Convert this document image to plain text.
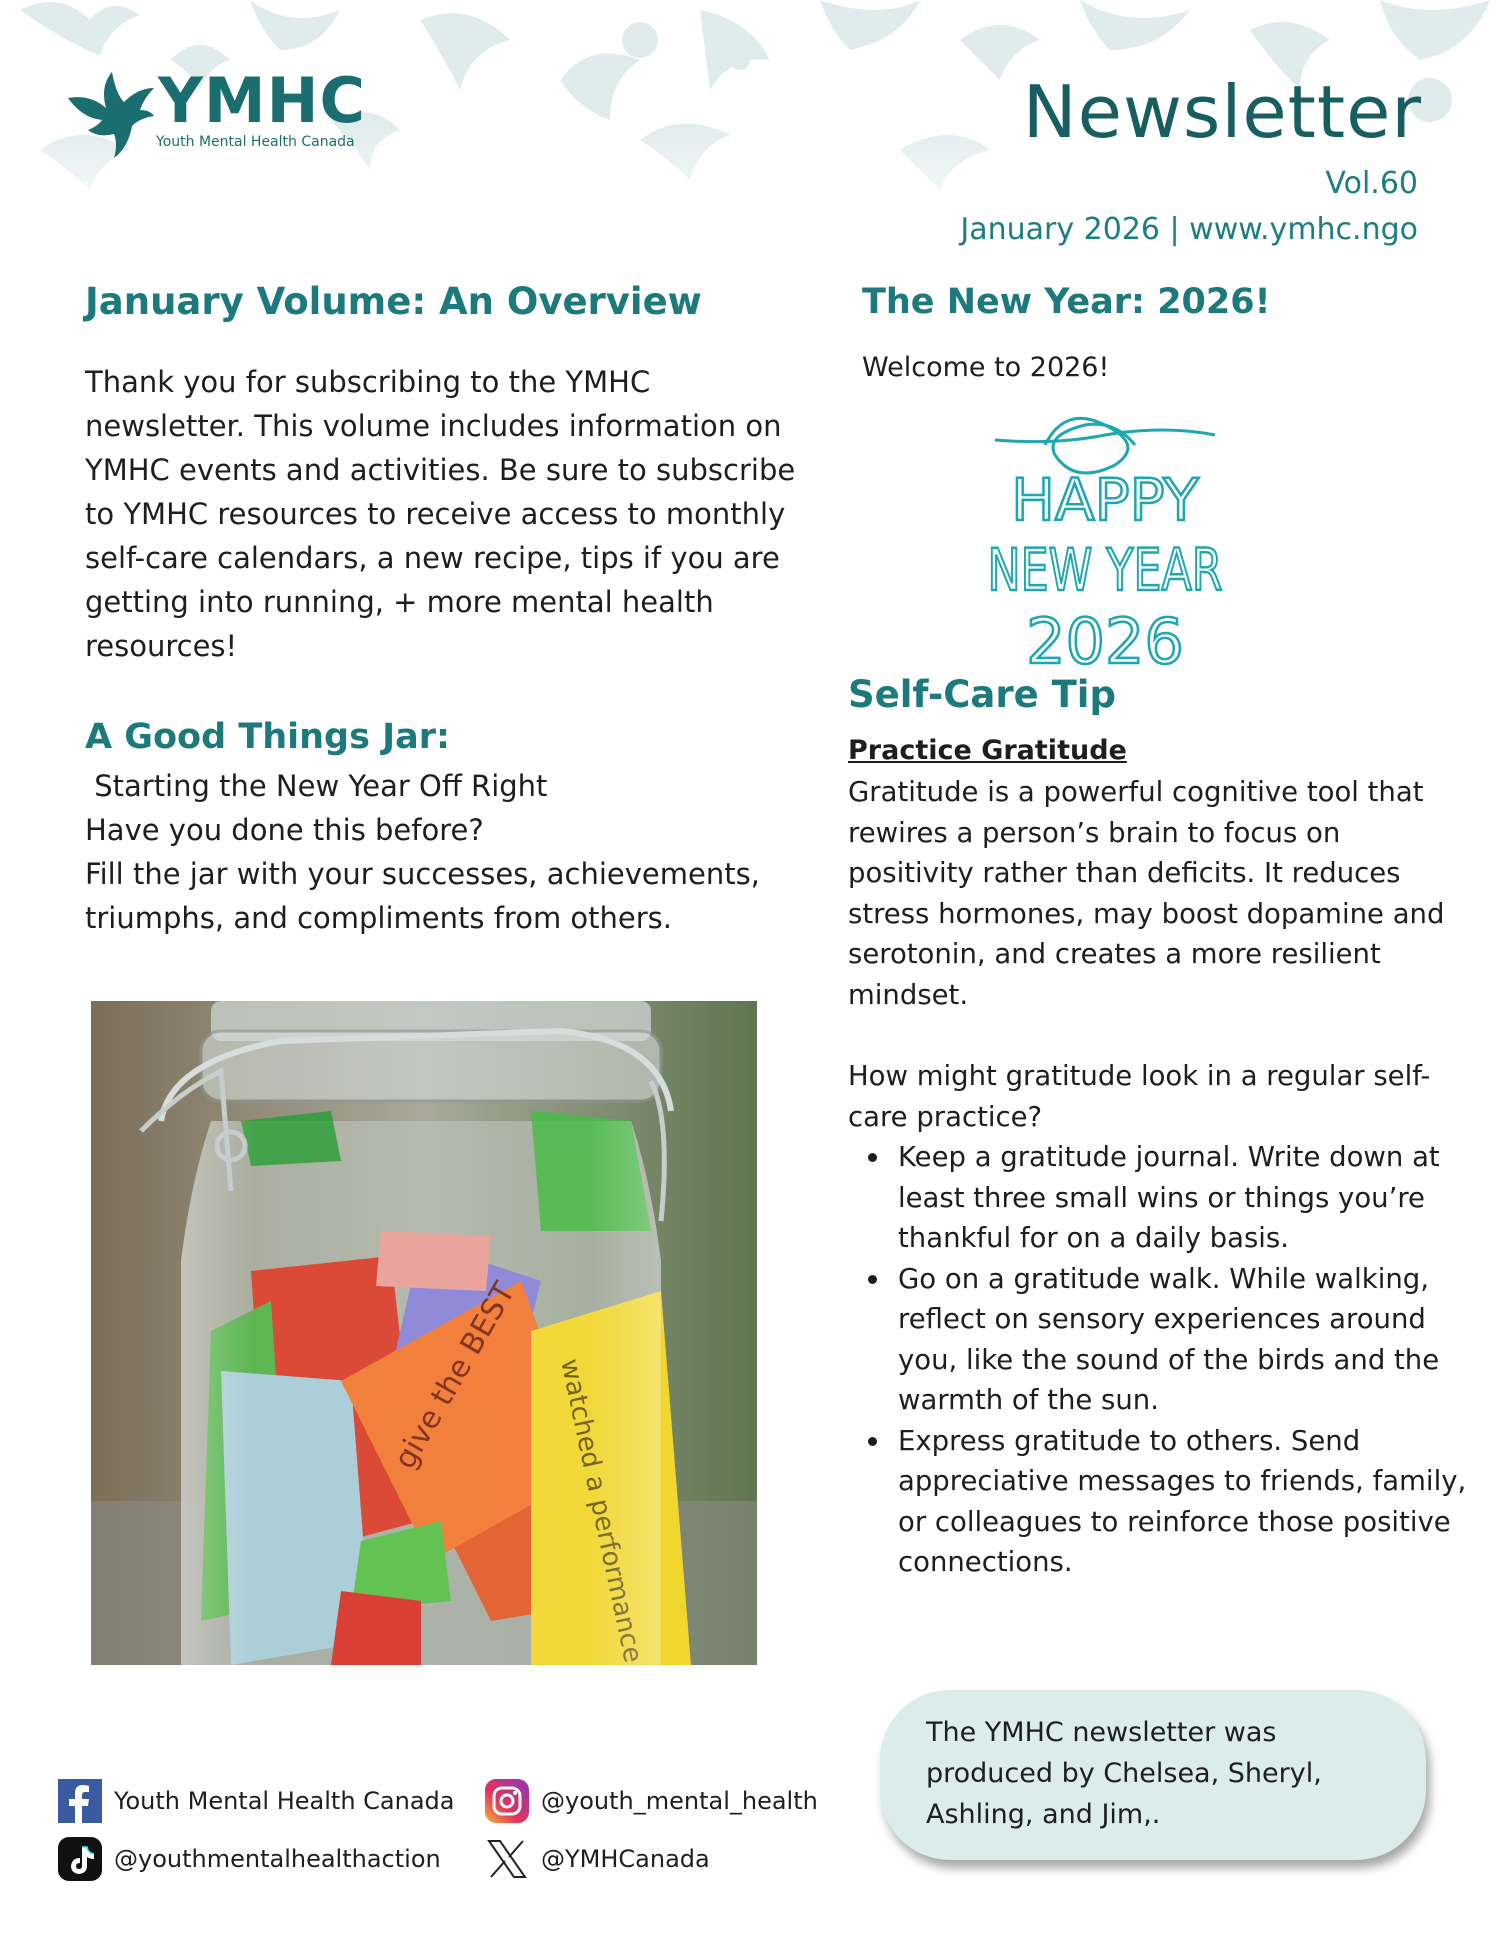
YMHC
Youth Mental Health Canada	Newsletter
Vol.60
January 2026 | www.ymhc.ngo
January Volume: An Overview
Thank you for subscribing to the YMHC newsletter. This volume includes information on YMHC events and activities. Be sure to subscribe to YMHC resources to receive access to monthly self-care calendars, a new recipe, tips if you are getting into running, + more mental health resources!
A Good Things Jar:
Starting the New Year Off Right
Have you done this before?
Fill the jar with your successes, achievements,
triumphs, and compliments from others.
The New Year: 2026!
Welcome to 2026!
HAPPY
NEW YEAR
2026
Self-Care Tip
Practice Gratitude
Gratitude is a powerful cognitive tool that rewires a person’s brain to focus on positivity rather than deficits. It reduces stress hormones, may boost dopamine and serotonin, and creates a more resilient mindset.
How might gratitude look in a regular self-care practice?
Keep a gratitude journal. Write down at least three small wins or things you’re thankful for on a daily basis.
Go on a gratitude walk. While walking, reflect on sensory experiences around you, like the sound of the birds and the warmth of the sun.
Express gratitude to others. Send appreciative messages to friends, family, or colleagues to reinforce those positive connections.
The YMHC newsletter was produced by Chelsea, Sheryl, Ashling, and Jim,.
Youth Mental Health Canada	@youth_mental_health
@youthmentalhealthaction	@YMHCanada
